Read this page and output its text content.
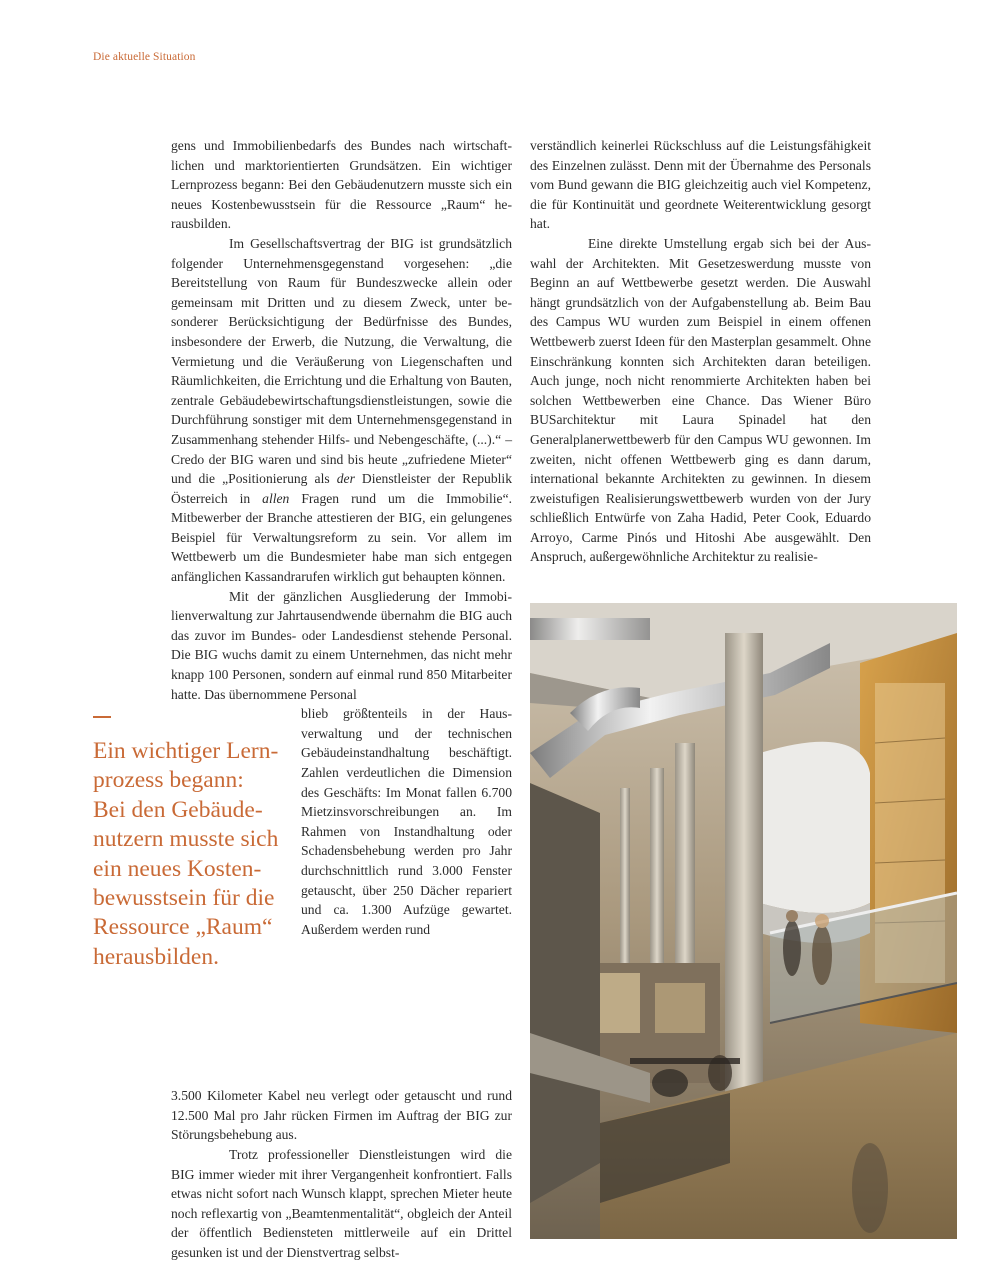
Die aktuelle Situation

gens und Immobilienbedarfs des Bundes nach wirtschaftlichen und marktorientierten Grundsätzen. Ein wichtiger Lernprozess begann: Bei den Gebäudenutzern musste sich ein neues Kostenbewusstsein für die Ressource „Raum“ herausbilden.

Im Gesellschaftsvertrag der BIG ist grundsätzlich folgender Unternehmensgegenstand vorgesehen: „die Bereitstellung von Raum für Bundeszwecke allein oder gemeinsam mit Dritten und zu diesem Zweck, unter besonderer Berücksichtigung der Bedürfnisse des Bundes, insbesondere der Erwerb, die Nutzung, die Verwaltung, die Vermietung und die Veräußerung von Liegenschaften und Räumlichkeiten, die Errichtung und die Erhaltung von Bauten, zentrale Gebäudebewirtschaftungsdienstleistungen, sowie die Durchführung sonstiger mit dem Unternehmensgegenstand in Zusammenhang stehender Hilfs- und Nebengeschäfte, (...).“ – Credo der BIG waren und sind bis heute „zufriedene Mieter“ und die „Positionierung als der Dienstleister der Republik Österreich in allen Fragen rund um die Immobilie“. Mitbewerber der Branche attestieren der BIG, ein gelungenes Beispiel für Verwaltungsreform zu sein. Vor allem im Wettbewerb um die Bundesmieter habe man sich entgegen anfänglichen Kassandrarufen wirklich gut behaupten können.

Mit der gänzlichen Ausgliederung der Immobilienverwaltung zur Jahrtausendwende übernahm die BIG auch das zuvor im Bundes- oder Landesdienst stehende Personal. Die BIG wuchs damit zu einem Unternehmen, das nicht mehr knapp 100 Personen, sondern auf einmal rund 850 Mitarbeiter hatte. Das übernommene Personal

blieb größtenteils in der Hausverwaltung und der technischen Gebäudeinstandhaltung beschäftigt. Zahlen verdeutlichen die Dimension des Geschäfts: Im Monat fallen 6.700 Mietzinsvorschreibungen an. Im Rahmen von Instandhaltung oder Schadensbehebung werden pro Jahr durchschnittlich rund 3.000 Fenster getauscht, über 250 Dächer repariert und ca. 1.300 Aufzüge gewartet. Außerdem werden rund

3.500 Kilometer Kabel neu verlegt oder getauscht und rund 12.500 Mal pro Jahr rücken Firmen im Auftrag der BIG zur Störungsbehebung aus.

Trotz professioneller Dienstleistungen wird die BIG immer wieder mit ihrer Vergangenheit konfrontiert. Falls etwas nicht sofort nach Wunsch klappt, sprechen Mieter heute noch reflexartig von „Beamtenmentalität“, obgleich der Anteil der öffentlich Bediensteten mittlerweile auf ein Drittel gesunken ist und der Dienstvertrag selbst-

Ein wichtiger Lern-
prozess begann:
Bei den Gebäude-
nutzern musste sich
ein neues Kosten-
bewusstsein für die
Ressource „Raum“
herausbilden.

verständlich keinerlei Rückschluss auf die Leistungsfähigkeit des Einzelnen zulässt. Denn mit der Übernahme des Personals vom Bund gewann die BIG gleichzeitig auch viel Kompetenz, die für Kontinuität und geordnete Weiterentwicklung gesorgt hat.

Eine direkte Umstellung ergab sich bei der Auswahl der Architekten. Mit Gesetzeswerdung musste von Beginn an auf Wettbewerbe gesetzt werden. Die Auswahl hängt grundsätzlich von der Aufgabenstellung ab. Beim Bau des Campus WU wurden zum Beispiel in einem offenen Wettbewerb zuerst Ideen für den Masterplan gesammelt. Ohne Einschränkung konnten sich Architekten daran beteiligen. Auch junge, noch nicht renommierte Architekten haben bei solchen Wettbewerben eine Chance. Das Wiener Büro BUSarchitektur mit Laura Spinadel hat den Generalplanerwettbewerb für den Campus WU gewonnen. Im zweiten, nicht offenen Wettbewerb ging es dann darum, international bekannte Architekten zu gewinnen. In diesem zweistufigen Realisierungswettbewerb wurden von der Jury schließlich Entwürfe von Zaha Hadid, Peter Cook, Eduardo Arroyo, Carme Pinós und Hitoshi Abe ausgewählt. Den Anspruch, außergewöhnliche Architektur zu realisie-
